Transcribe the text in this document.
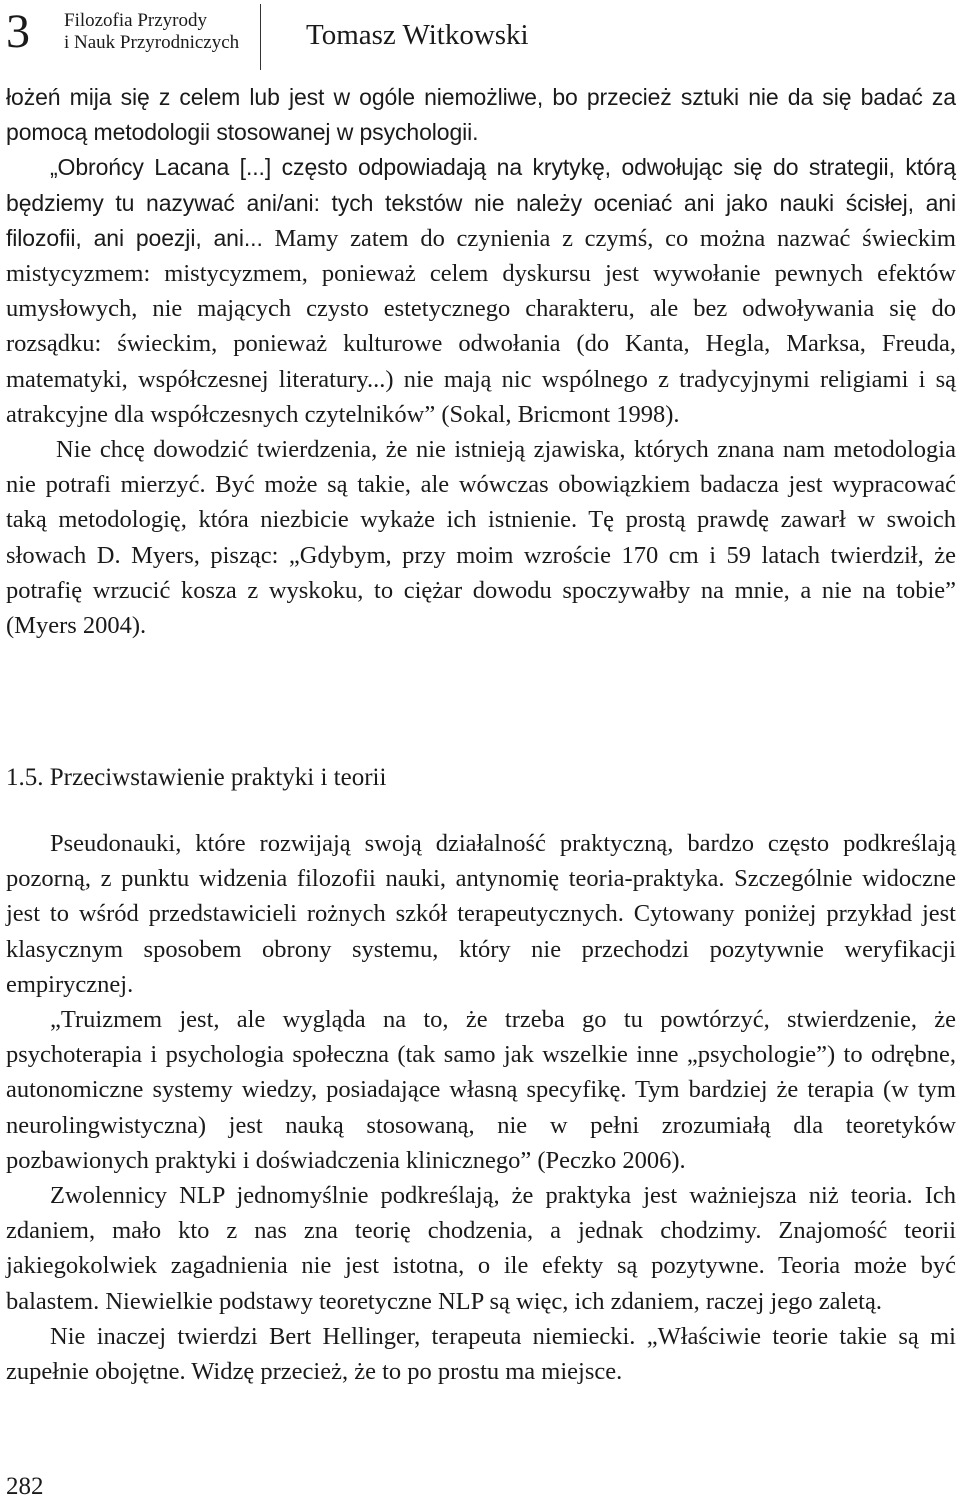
3 Filozofia Przyrody
i Nauk Przyrodniczych Tomasz Witkowski

łożeń mija się z celem lub jest w ogóle niemożliwe, bo przecież sztuki nie da się badać za pomocą metodologii stosowanej w psychologii.

„Obrońcy Lacana [...] często odpowiadają na krytykę, odwołując się do strategii, którą będziemy tu nazywać ani/ani: tych tekstów nie należy oceniać ani jako nauki ścisłej, ani filozofii, ani poezji, ani... Mamy zatem do czynienia z czymś, co można nazwać świeckim mistycyzmem: mistycyzmem, ponieważ celem dyskursu jest wywołanie pewnych efektów umysłowych, nie mających czysto estetycznego charakteru, ale bez odwoływania się do rozsądku: świeckim, ponieważ kulturowe odwołania (do Kanta, Hegla, Marksa, Freuda, matematyki, współczesnej literatury...) nie mają nic wspólnego z tradycyjnymi religiami i są atrakcyjne dla współczesnych czytelników” (Sokal, Bricmont 1998).

Nie chcę dowodzić twierdzenia, że nie istnieją zjawiska, których znana nam metodologia nie potrafi mierzyć. Być może są takie, ale wówczas obowiązkiem badacza jest wypracować taką metodologię, która niezbicie wykaże ich istnienie. Tę prostą prawdę zawarł w swoich słowach D. Myers, pisząc: „Gdybym, przy moim wzroście 170 cm i 59 latach twierdził, że potrafię wrzucić kosza z wyskoku, to ciężar dowodu spoczywałby na mnie, a nie na tobie” (Myers 2004).

1.5. Przeciwstawienie praktyki i teorii

Pseudonauki, które rozwijają swoją działalność praktyczną, bardzo często podkreślają pozorną, z punktu widzenia filozofii nauki, antynomię teoria-praktyka. Szczególnie widoczne jest to wśród przedstawicieli rożnych szkół terapeutycznych. Cytowany poniżej przykład jest klasycznym sposobem obrony systemu, który nie przechodzi pozytywnie weryfikacji empirycznej.

„Truizmem jest, ale wygląda na to, że trzeba go tu powtórzyć, stwierdzenie, że psychoterapia i psychologia społeczna (tak samo jak wszelkie inne „psychologie”) to odrębne, autonomiczne systemy wiedzy, posiadające własną specyfikę. Tym bardziej że terapia (w tym neurolingwistyczna) jest nauką stosowaną, nie w pełni zrozumiałą dla teoretyków pozbawionych praktyki i doświadczenia klinicznego” (Peczko 2006).

Zwolennicy NLP jednomyślnie podkreślają, że praktyka jest ważniejsza niż teoria. Ich zdaniem, mało kto z nas zna teorię chodzenia, a jednak chodzimy. Znajomość teorii jakiegokolwiek zagadnienia nie jest istotna, o ile efekty są pozytywne. Teoria może być balastem. Niewielkie podstawy teoretyczne NLP są więc, ich zdaniem, raczej jego zaletą.

Nie inaczej twierdzi Bert Hellinger, terapeuta niemiecki. „Właściwie teorie takie są mi zupełnie obojętne. Widzę przecież, że to po prostu ma miejsce.

282
